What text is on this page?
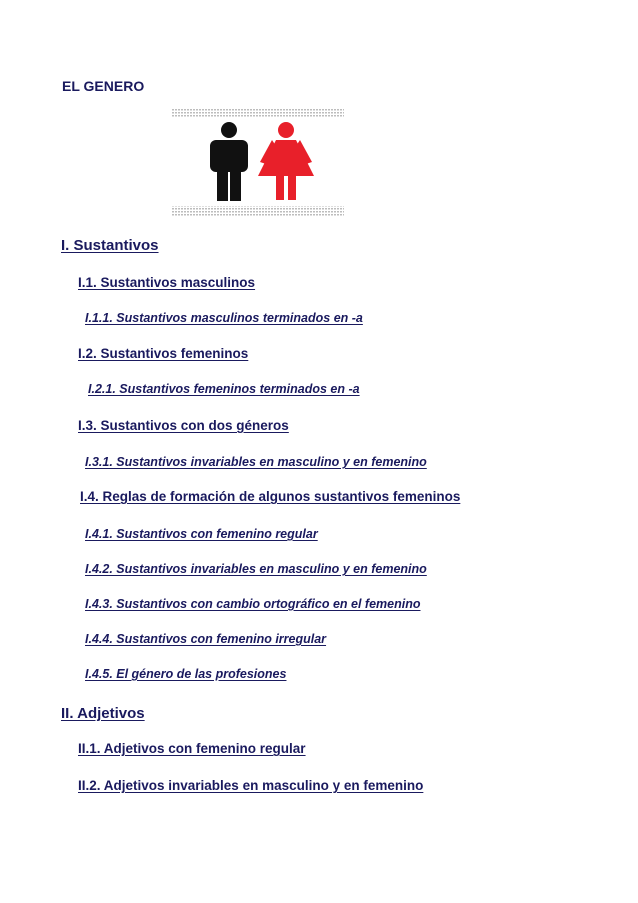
EL GENERO
I. Sustantivos
I.1. Sustantivos masculinos
I.1.1. Sustantivos masculinos terminados en -a
I.2. Sustantivos femeninos
I.2.1. Sustantivos femeninos terminados en -a
I.3. Sustantivos con dos géneros
I.3.1. Sustantivos invariables en masculino y en femenino
I.4. Reglas de formación de algunos sustantivos femeninos
I.4.1. Sustantivos con femenino regular
I.4.2. Sustantivos invariables en masculino y en femenino
I.4.3. Sustantivos con cambio ortográfico en el femenino
I.4.4. Sustantivos con femenino irregular
I.4.5. El género de las profesiones
II. Adjetivos
II.1. Adjetivos con femenino regular
II.2. Adjetivos invariables en masculino y en femenino
